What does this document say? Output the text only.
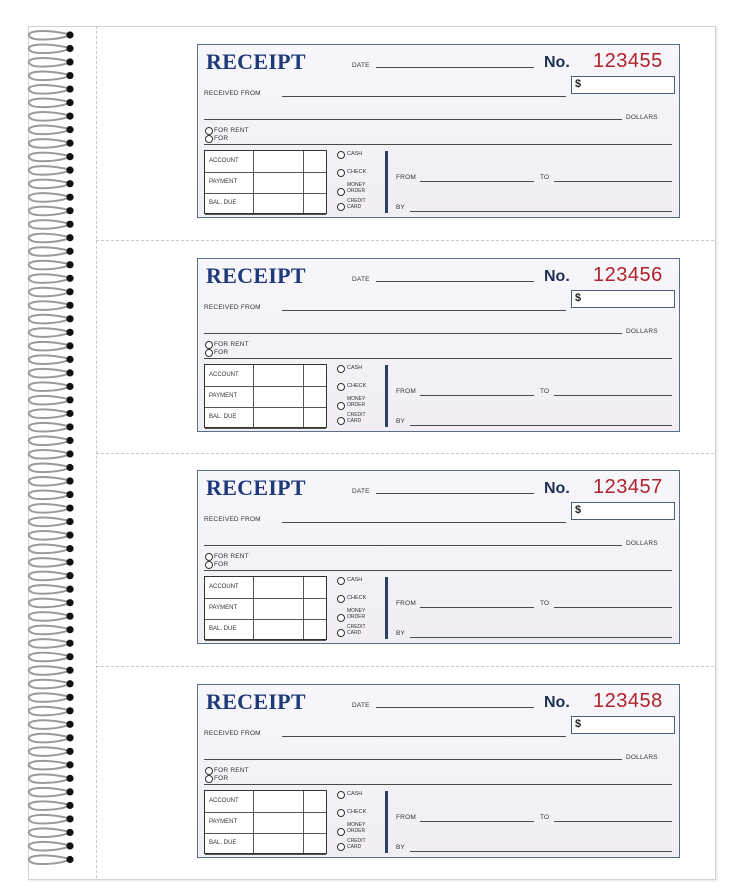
RECEIPT	DATE	No. 123455
$
RECEIVED FROM
DOLLARS
FOR RENT
FOR
ACCOUNT
PAYMENT
BAL. DUE
CASH
CHECK
MONEY
ORDER
CREDIT
CARD
FROM	TO
BY
RECEIPT	DATE	No. 123456
$
RECEIVED FROM
DOLLARS
FOR RENT
FOR
ACCOUNT
PAYMENT
BAL. DUE
CASH
CHECK
MONEY
ORDER
CREDIT
CARD
FROM	TO
BY
RECEIPT	DATE	No. 123457
$
RECEIVED FROM
DOLLARS
FOR RENT
FOR
ACCOUNT
PAYMENT
BAL. DUE
CASH
CHECK
MONEY
ORDER
CREDIT
CARD
FROM	TO
BY
RECEIPT	DATE	No. 123458
$
RECEIVED FROM
DOLLARS
FOR RENT
FOR
ACCOUNT
PAYMENT
BAL. DUE
CASH
CHECK
MONEY
ORDER
CREDIT
CARD
FROM	TO
BY
